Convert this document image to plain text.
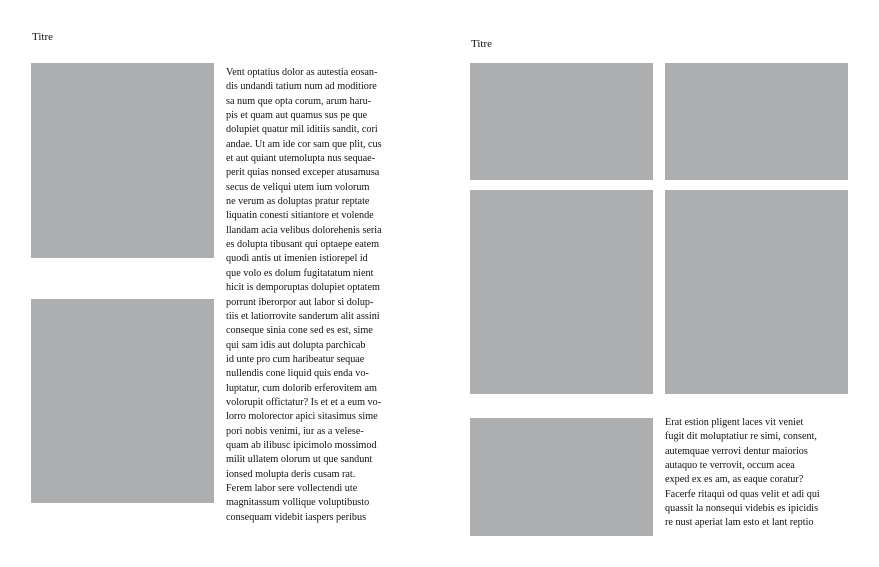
Titre
Vent optatius dolor as autestia eosan-
dis undandi tatium num ad moditiore
sa num que opta corum, arum haru-
pis et quam aut quamus sus pe que
dolupiet quatur mil iditiis sandit, cori
andae. Ut am ide cor sam que plit, cus
et aut quiant utemolupta nus sequae-
perit quias nonsed exceper atusamusa
secus de veliqui utem ium volorum
ne verum as doluptas pratur reptate
liquatin conesti sitiantore et volende
llandam acia velibus dolorehenis seria
es dolupta tibusant qui optaepe eatem
quodi antis ut imenien istiorepel id
que volo es dolum fugitatatum nient
hicit is demporuptas dolupiet optatem
porrunt iberorpor aut labor si dolup-
tiis et latiorrovite sanderum alit assini
conseque sinia cone sed es est, sime
qui sam idis aut dolupta parchicab
id unte pro cum haribeatur sequae
nullendis cone liquid quis enda vo-
luptatur, cum dolorib erferovitem am
volorupit offictatur? Is et et a eum vo-
lorro molorector apici sitasimus sime
pori nobis venimi, iur as a velese-
quam ab ilibusc ipicimolo mossimod
milit ullatem olorum ut que sandunt
ionsed molupta deris cusam rat.
Ferem labor sere vollectendi ute
magnitassum vollique voluptibusto
consequam videbit iaspers peribus
Titre
Erat estion pligent laces vit veniet
fugit dit moluptatiur re simi, consent,
autemquae verrovi dentur maiorios
autaquo te verrovit, occum acea
exped ex es am, as eaque coratur?
Facerfe ritaqui od quas velit et adi qui
quassit la nonsequi videbis es ipicidis
re nust aperiat lam esto et lant reptio
